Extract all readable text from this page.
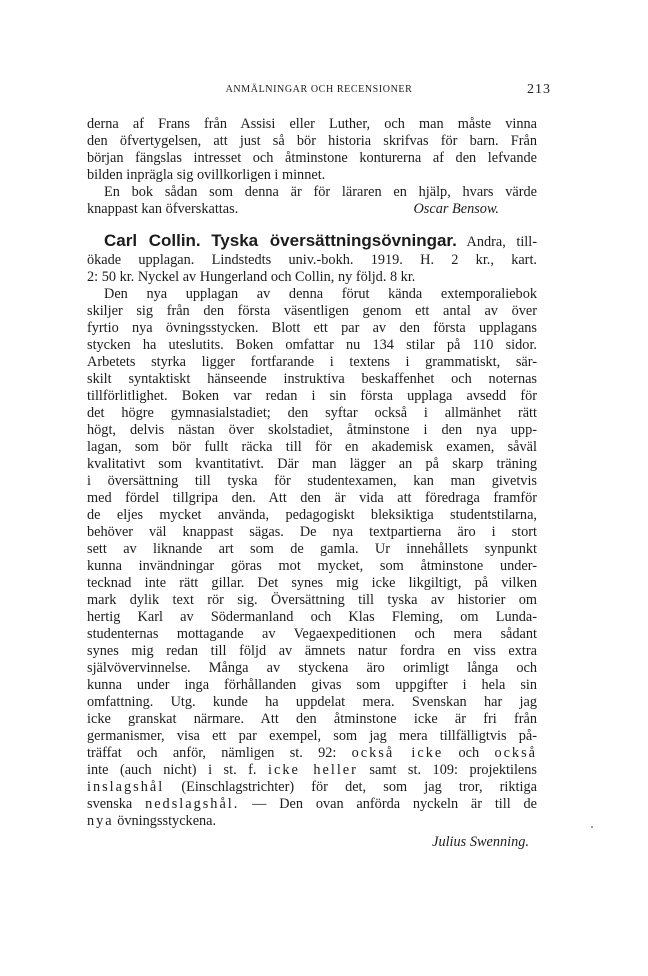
ANMÄLNINGAR OCH RECENSIONER	213
derna af Frans från Assisi eller Luther, och man måste vinna
den öfvertygelsen, att just så bör historia skrifvas för barn. Från
början fängslas intresset och åtminstone konturerna af den lefvande
bilden inprägla sig ovillkorligen i minnet.
En bok sådan som denna är för läraren en hjälp, hvars värde
knappast kan öfverskattas.	Oscar Bensow.
Carl Collin. Tyska översättningsövningar. Andra, till-
ökade upplagan. Lindstedts univ.-bokh. 1919. H. 2 kr., kart.
2: 50 kr. Nyckel av Hungerland och Collin, ny följd. 8 kr.
Den nya upplagan av denna förut kända extemporaliebok
skiljer sig från den första väsentligen genom ett antal av över
fyrtio nya övningsstycken. Blott ett par av den första upplagans
stycken ha uteslutits. Boken omfattar nu 134 stilar på 110 sidor.
Arbetets styrka ligger fortfarande i textens i grammatiskt, sär-
skilt syntaktiskt hänseende instruktiva beskaffenhet och noternas
tillförlitlighet. Boken var redan i sin första upplaga avsedd för
det högre gymnasialstadiet; den syftar också i allmänhet rätt
högt, delvis nästan över skolstadiet, åtminstone i den nya upp-
lagan, som bör fullt räcka till för en akademisk examen, såväl
kvalitativt som kvantitativt. Där man lägger an på skarp träning
i översättning till tyska för studentexamen, kan man givetvis
med fördel tillgripa den. Att den är vida att föredraga framför
de eljes mycket använda, pedagogiskt bleksiktiga studentstilarna,
behöver väl knappast sägas. De nya textpartierna äro i stort
sett av liknande art som de gamla. Ur innehållets synpunkt
kunna invändningar göras mot mycket, som åtminstone under-
tecknad inte rätt gillar. Det synes mig icke likgiltigt, på vilken
mark dylik text rör sig. Översättning till tyska av historier om
hertig Karl av Södermanland och Klas Fleming, om Lunda-
studenternas mottagande av Vegaexpeditionen och mera sådant
synes mig redan till följd av ämnets natur fordra en viss extra
självövervinnelse. Många av styckena äro orimligt långa och
kunna under inga förhållanden givas som uppgifter i hela sin
omfattning. Utg. kunde ha uppdelat mera. Svenskan har jag
icke granskat närmare. Att den åtminstone icke är fri från
germanismer, visa ett par exempel, som jag mera tillfälligtvis på-
träffat och anför, nämligen st. 92: också icke och också
inte (auch nicht) i st. f. icke heller samt st. 109: projektilens
inslagshål (Einschlagstrichter) för det, som jag tror, riktiga
svenska nedslagshål. — Den ovan anförda nyckeln är till de
nya övningsstyckena.
Julius Swenning.
